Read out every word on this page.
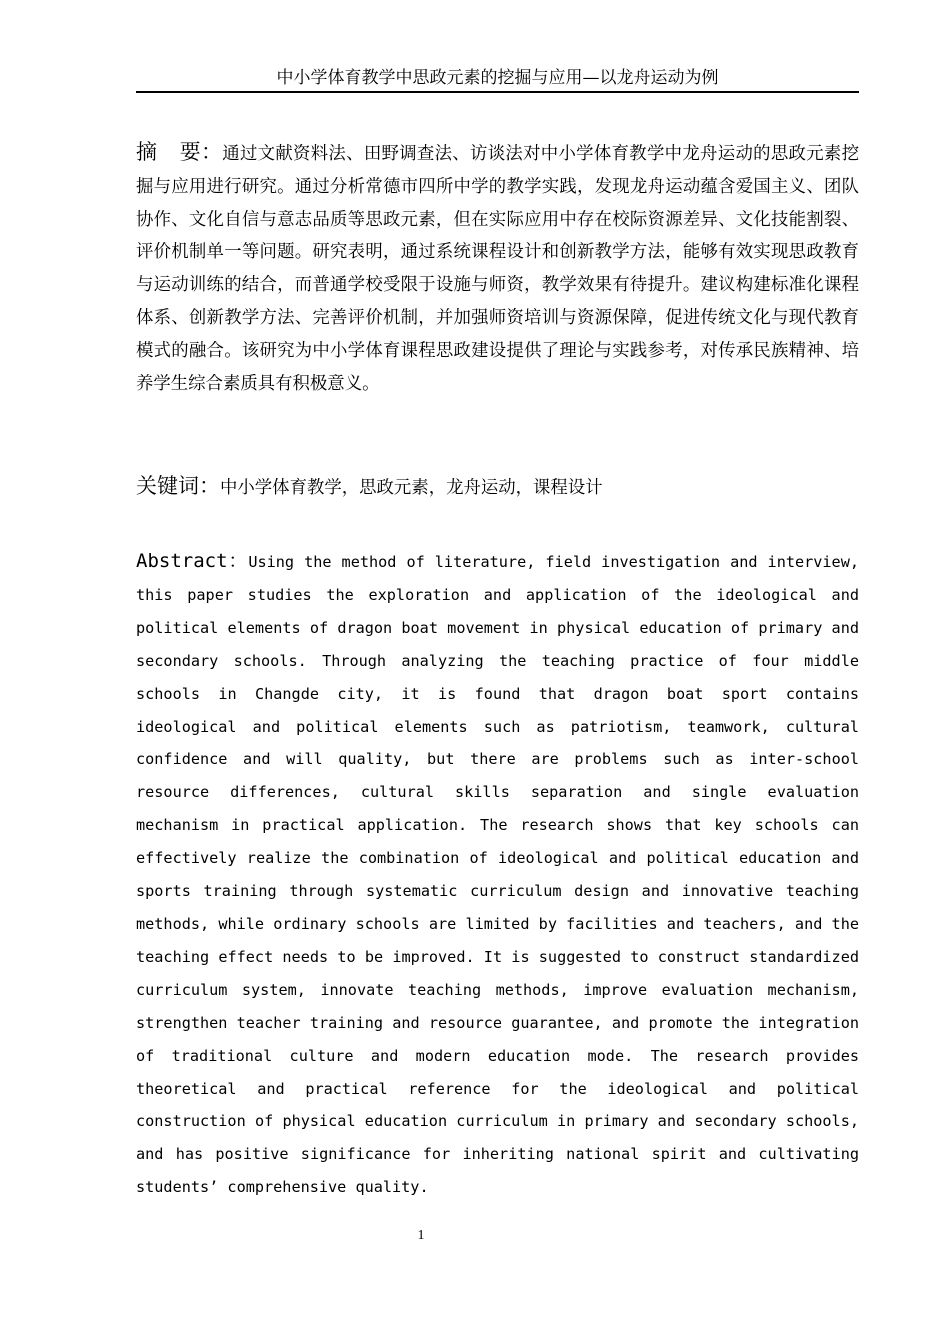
中小学体育教学中思政元素的挖掘与应用—以龙舟运动为例

摘 要：通过文献资料法、田野调查法、访谈法对中小学体育教学中龙舟运动的思政元素挖掘与应用进行研究。通过分析常德市四所中学的教学实践，发现龙舟运动蕴含爱国主义、团队协作、文化自信与意志品质等思政元素，但在实际应用中存在校际资源差异、文化技能割裂、评价机制单一等问题。研究表明，通过系统课程设计和创新教学方法，能够有效实现思政教育与运动训练的结合，而普通学校受限于设施与师资，教学效果有待提升。建议构建标准化课程体系、创新教学方法、完善评价机制，并加强师资培训与资源保障，促进传统文化与现代教育模式的融合。该研究为中小学体育课程思政建设提供了理论与实践参考，对传承民族精神、培养学生综合素质具有积极意义。

关键词：中小学体育教学，思政元素，龙舟运动，课程设计

Abstract：Using the method of literature, field investigation and interview, this paper studies the exploration and application of the ideological and political elements of dragon boat movement in physical education of primary and secondary schools. Through analyzing the teaching practice of four middle schools in Changde city, it is found that dragon boat sport contains ideological and political elements such as patriotism, teamwork, cultural confidence and will quality, but there are problems such as inter-school resource differences, cultural skills separation and single evaluation mechanism in practical application. The research shows that key schools can effectively realize the combination of ideological and political education and sports training through systematic curriculum design and innovative teaching methods, while ordinary schools are limited by facilities and teachers, and the teaching effect needs to be improved. It is suggested to construct standardized curriculum system, innovate teaching methods, improve evaluation mechanism, strengthen teacher training and resource guarantee, and promote the integration of traditional culture and modern education mode. The research provides theoretical and practical reference for the ideological and political construction of physical education curriculum in primary and secondary schools, and has positive significance for inheriting national spirit and cultivating students’ comprehensive quality.

1
